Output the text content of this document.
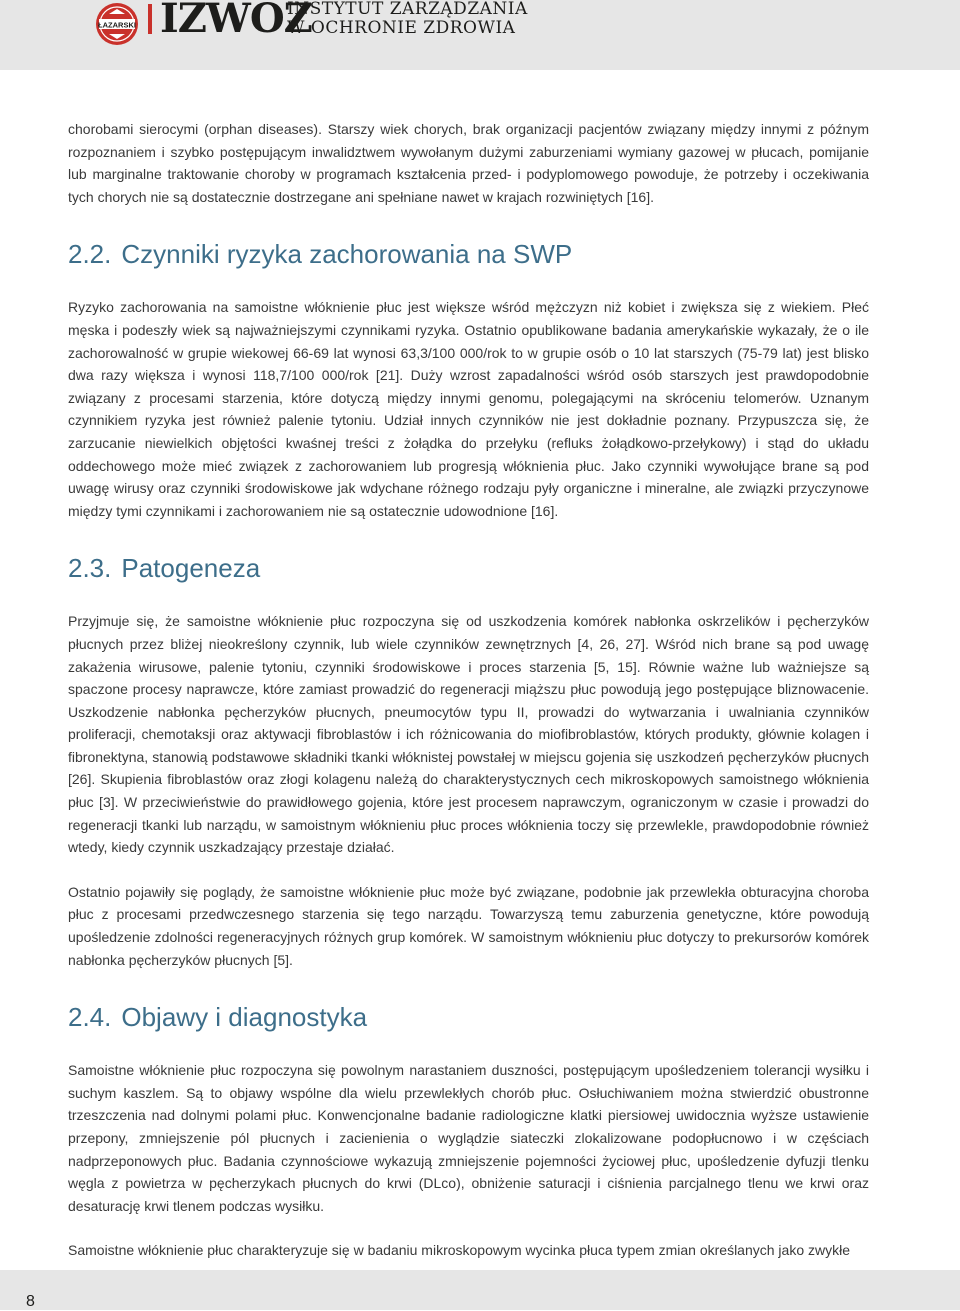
ŁAZARSKI IZWOZ
INSTYTUT ZARZĄDZANIA
W OCHRONIE ZDROWIA

chorobami sierocymi (orphan diseases). Starszy wiek chorych, brak organizacji pacjentów związany między innymi z późnym rozpoznaniem i szybko postępującym inwalidztwem wywołanym dużymi zaburzeniami wymiany gazowej w płucach, pomijanie lub marginalne traktowanie choroby w programach kształcenia przed- i podyplomowego powoduje, że potrzeby i oczekiwania tych chorych nie są dostatecznie dostrzegane ani spełniane nawet w krajach rozwiniętych [16].

2.2. Czynniki ryzyka zachorowania na SWP

Ryzyko zachorowania na samoistne włóknienie płuc jest większe wśród mężczyzn niż kobiet i zwiększa się z wiekiem. Płeć męska i podeszły wiek są najważniejszymi czynnikami ryzyka. Ostatnio opublikowane badania amerykańskie wykazały, że o ile zachorowalność w grupie wiekowej 66-69 lat wynosi 63,3/100 000/rok to w grupie osób o 10 lat starszych (75-79 lat) jest blisko dwa razy większa i wynosi 118,7/100 000/rok [21]. Duży wzrost zapadalności wśród osób starszych jest prawdopodobnie związany z procesami starzenia, które dotyczą między innymi genomu, polegającymi na skróceniu telomerów. Uznanym czynnikiem ryzyka jest również palenie tytoniu. Udział innych czynników nie jest dokładnie poznany. Przypuszcza się, że zarzucanie niewielkich objętości kwaśnej treści z żołądka do przełyku (refluks żołądkowo-przełykowy) i stąd do układu oddechowego może mieć związek z zachorowaniem lub progresją włóknienia płuc. Jako czynniki wywołujące brane są pod uwagę wirusy oraz czynniki środowiskowe jak wdychane różnego rodzaju pyły organiczne i mineralne, ale związki przyczynowe między tymi czynnikami i zachorowaniem nie są ostatecznie udowodnione [16].

2.3. Patogeneza

Przyjmuje się, że samoistne włóknienie płuc rozpoczyna się od uszkodzenia komórek nabłonka oskrzelików i pęcherzyków płucnych przez bliżej nieokreślony czynnik, lub wiele czynników zewnętrznych [4, 26, 27]. Wśród nich brane są pod uwagę zakażenia wirusowe, palenie tytoniu, czynniki środowiskowe i proces starzenia [5, 15]. Równie ważne lub ważniejsze są spaczone procesy naprawcze, które zamiast prowadzić do regeneracji miąższu płuc powodują jego postępujące bliznowacenie. Uszkodzenie nabłonka pęcherzyków płucnych, pneumocytów typu II, prowadzi do wytwarzania i uwalniania czynników proliferacji, chemotaksji oraz aktywacji fibroblastów i ich różnicowania do miofibroblastów, których produkty, głównie kolagen i fibronektyna, stanowią podstawowe składniki tkanki włóknistej powstałej w miejscu gojenia się uszkodzeń pęcherzyków płucnych [26]. Skupienia fibroblastów oraz złogi kolagenu należą do charakterystycznych cech mikroskopowych samoistnego włóknienia płuc [3]. W przeciwieństwie do prawidłowego gojenia, które jest procesem naprawczym, ograniczonym w czasie i prowadzi do regeneracji tkanki lub narządu, w samoistnym włóknieniu płuc proces włóknienia toczy się przewlekle, prawdopodobnie również wtedy, kiedy czynnik uszkadzający przestaje działać.

Ostatnio pojawiły się poglądy, że samoistne włóknienie płuc może być związane, podobnie jak przewlekła obturacyjna choroba płuc z procesami przedwczesnego starzenia się tego narządu. Towarzyszą temu zaburzenia genetyczne, które powodują upośledzenie zdolności regeneracyjnych różnych grup komórek. W samoistnym włóknieniu płuc dotyczy to prekursorów komórek nabłonka pęcherzyków płucnych [5].

2.4. Objawy i diagnostyka

Samoistne włóknienie płuc rozpoczyna się powolnym narastaniem duszności, postępującym upośledzeniem tolerancji wysiłku i suchym kaszlem. Są to objawy wspólne dla wielu przewlekłych chorób płuc. Osłuchiwaniem można stwierdzić obustronne trzeszczenia nad dolnymi polami płuc. Konwencjonalne badanie radiologiczne klatki piersiowej uwidocznia wyższe ustawienie przepony, zmniejszenie pól płucnych i zacienienia o wyglądzie siateczki zlokalizowane podopłucnowo i w częściach nadprzeponowych płuc. Badania czynnościowe wykazują zmniejszenie pojemności życiowej płuc, upośledzenie dyfuzji tlenku węgla z powietrza w pęcherzykach płucnych do krwi (DLco), obniżenie saturacji i ciśnienia parcjalnego tlenu we krwi oraz desaturację krwi tlenem podczas wysiłku.

Samoistne włóknienie płuc charakteryzuje się w badaniu mikroskopowym wycinka płuca typem zmian określanych jako zwykłe

8
